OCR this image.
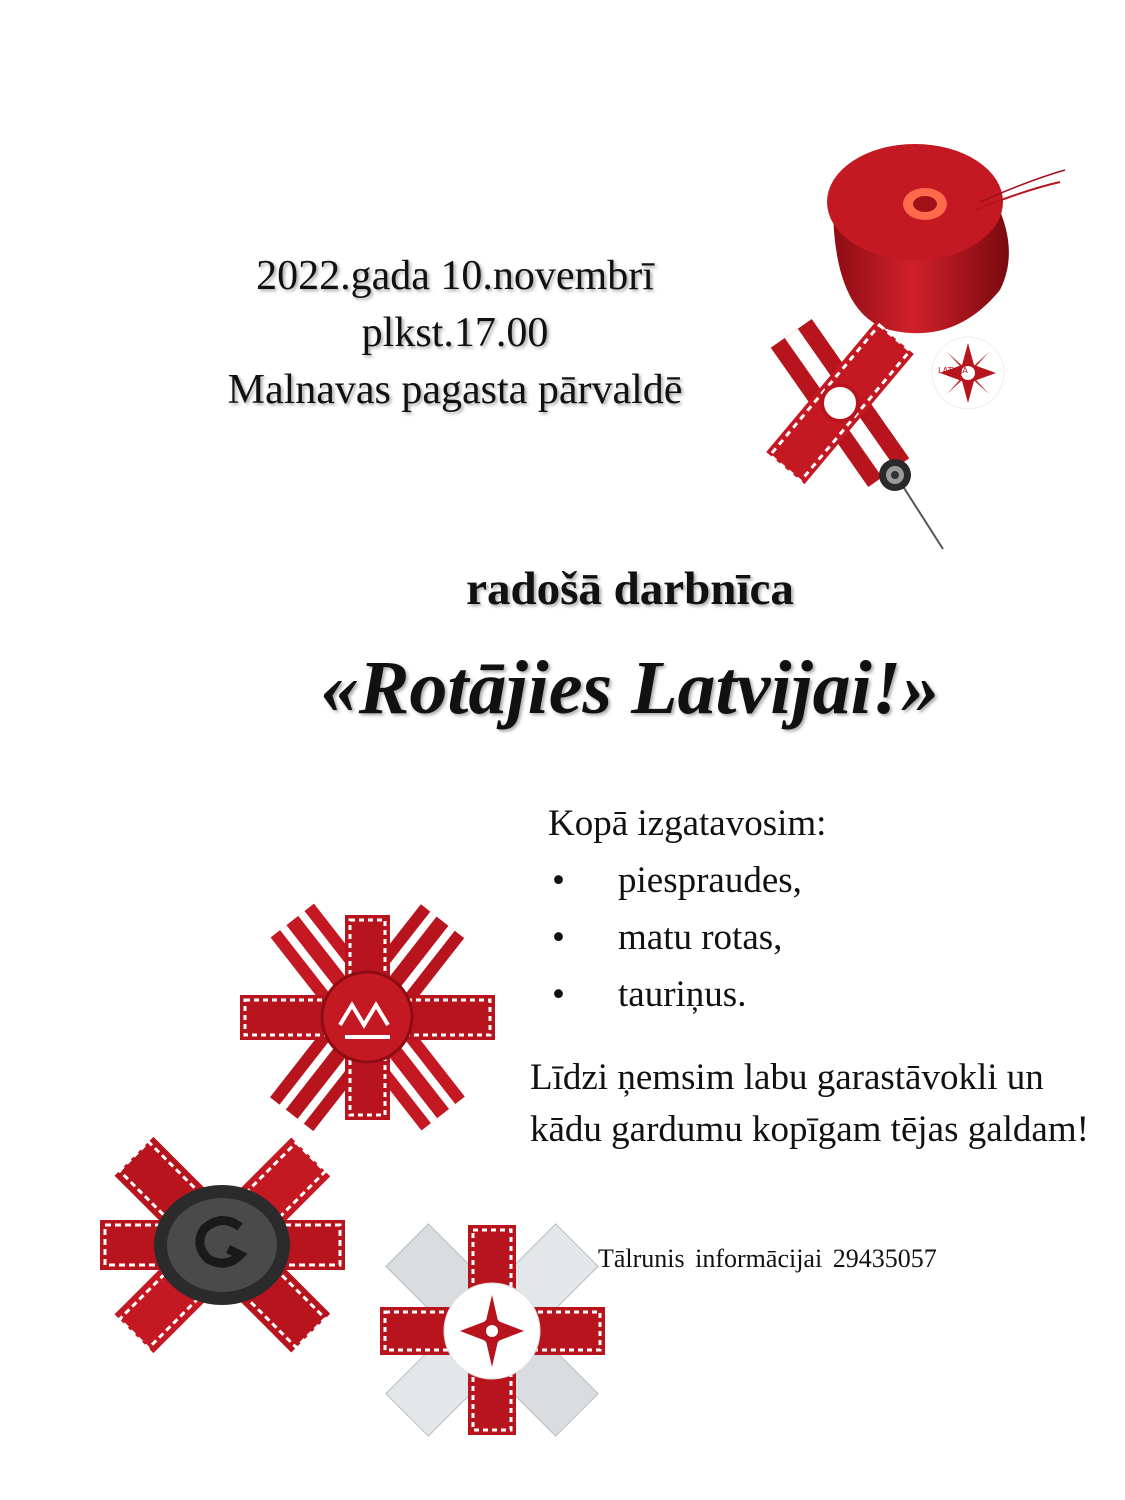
2022.gada 10.novembrī
plkst.17.00
Malnavas pagasta pārvaldē
radošā darbnīca
«Rotājies Latvijai!»
Kopā izgatavosim:
• piespraudes,
• matu rotas,
• tauriņus.
Līdzi ņemsim labu garastāvokli un kādu gardumu kopīgam tējas galdam!
Tālrunis informācijai 29435057
LATVIJA
